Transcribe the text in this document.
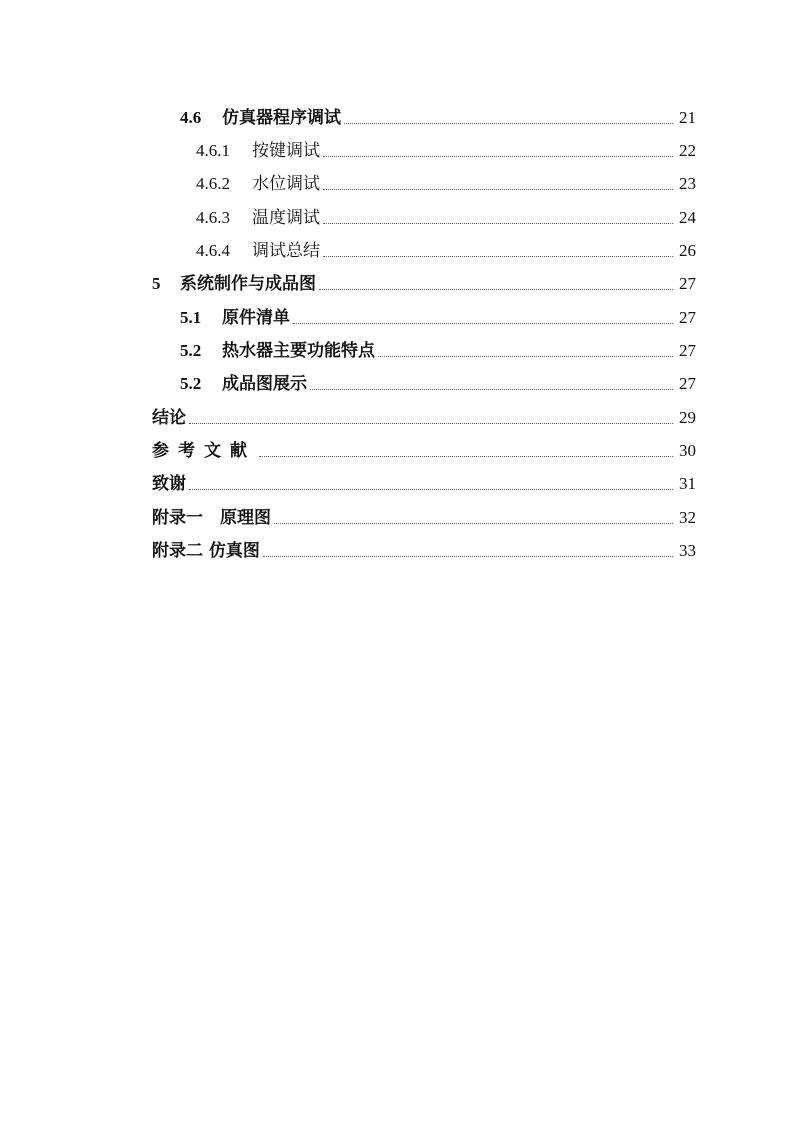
4.6	仿真器程序调试	21
4.6.1	按键调试	22
4.6.2	水位调试	23
4.6.3	温度调试	24
4.6.4	调试总结	26
5	系统制作与成品图	27
5.1	原件清单	27
5.2	热水器主要功能特点	27
5.2	成品图展示	27
结论	29
参考文献	30
致谢	31
附录一　原理图	32
附录二 仿真图	33
